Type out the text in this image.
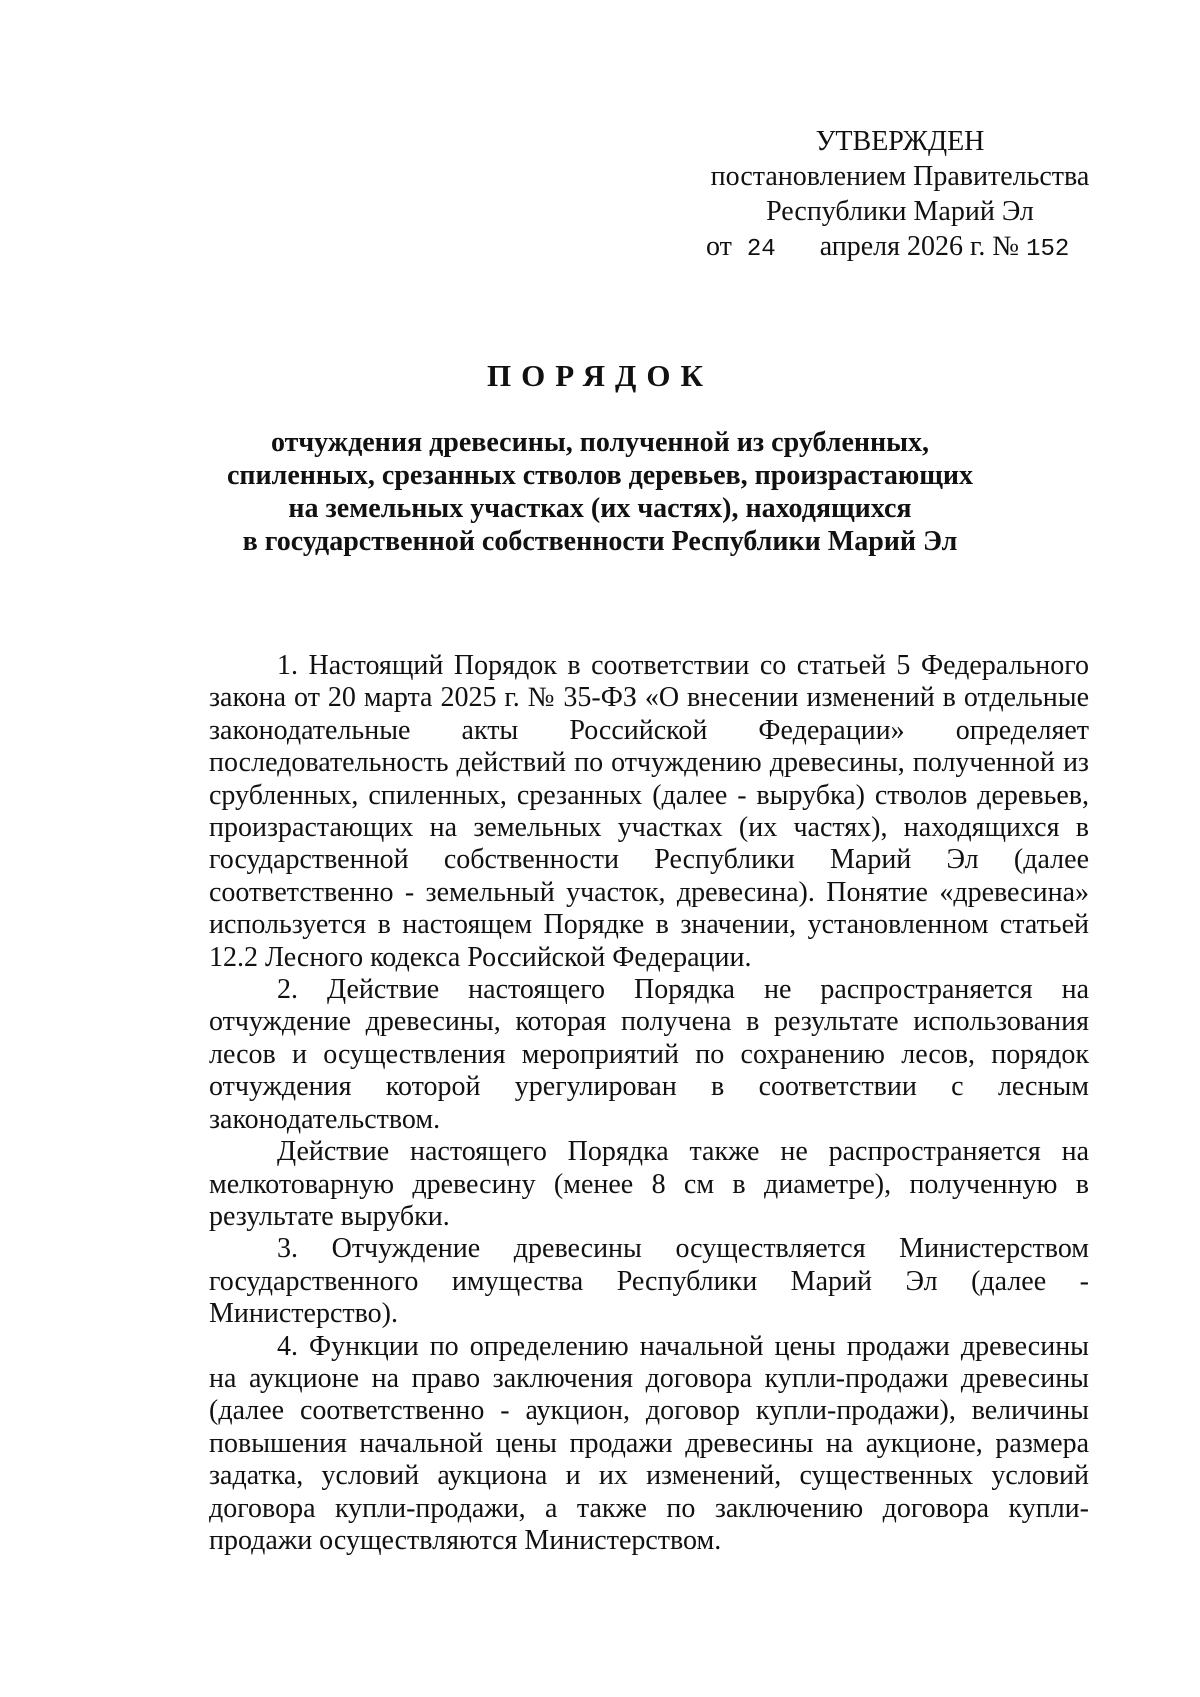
УТВЕРЖДЕН
постановлением Правительства
Республики Марий Эл
от 24 апреля 2026 г. № 152
ПОРЯДОК
отчуждения древесины, полученной из срубленных,
спиленных, срезанных стволов деревьев, произрастающих
на земельных участках (их частях), находящихся
в государственной собственности Республики Марий Эл

1. Настоящий Порядок в соответствии со статьей 5 Федерального закона от 20 марта 2025 г. № 35-ФЗ «О внесении изменений в отдельные законодательные акты Российской Федерации» определяет последовательность действий по отчуждению древесины, полученной из срубленных, спиленных, срезанных (далее - вырубка) стволов деревьев, произрастающих на земельных участках (их частях), находящихся в государственной собственности Республики Марий Эл (далее соответственно - земельный участок, древесина). Понятие «древесина» используется в настоящем Порядке в значении, установленном статьей 12.2 Лесного кодекса Российской Федерации.

2. Действие настоящего Порядка не распространяется на отчуждение древесины, которая получена в результате использования лесов и осуществления мероприятий по сохранению лесов, порядок отчуждения которой урегулирован в соответствии с лесным законодательством.

Действие настоящего Порядка также не распространяется на мелкотоварную древесину (менее 8 см в диаметре), полученную в результате вырубки.

3. Отчуждение древесины осуществляется Министерством государственного имущества Республики Марий Эл (далее - Министерство).

4. Функции по определению начальной цены продажи древесины на аукционе на право заключения договора купли-продажи древесины (далее соответственно - аукцион, договор купли-продажи), величины повышения начальной цены продажи древесины на аукционе, размера задатка, условий аукциона и их изменений, существенных условий договора купли-продажи, а также по заключению договора купли-продажи осуществляются Министерством.
